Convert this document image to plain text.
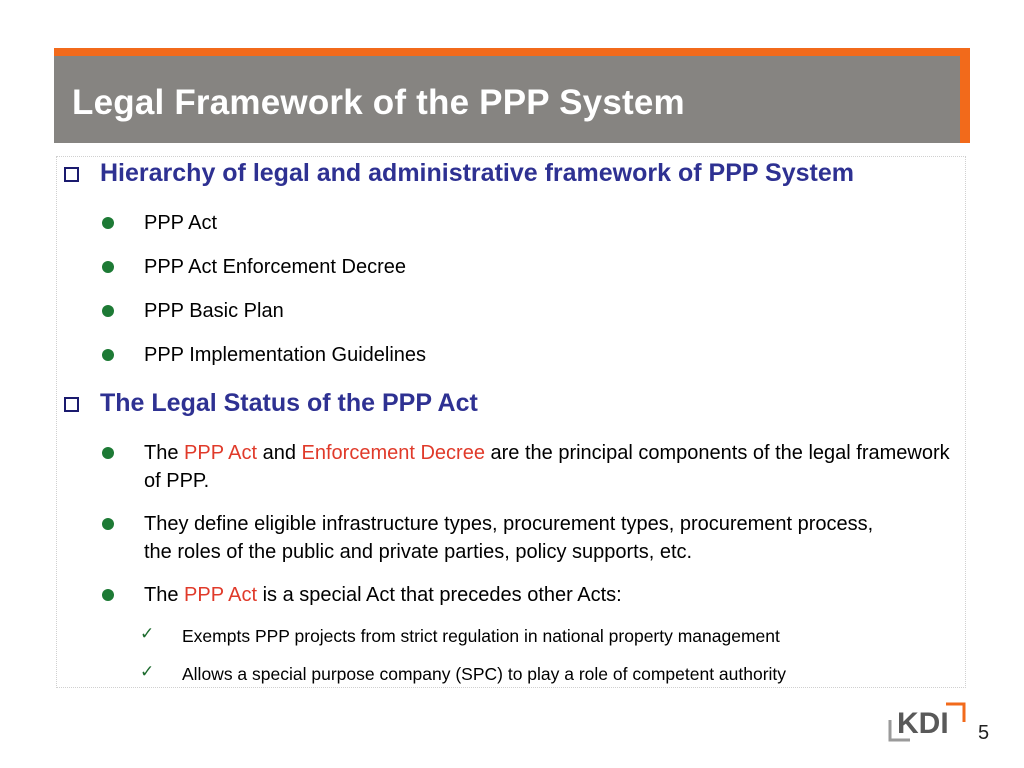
Legal Framework of the PPP System
Hierarchy of legal and administrative framework of PPP System
PPP Act
PPP Act Enforcement Decree
PPP Basic Plan
PPP Implementation Guidelines
The Legal Status of the PPP Act
The PPP Act and Enforcement Decree are the principal components of the legal framework of PPP.
They define eligible infrastructure types, procurement types, procurement process, the roles of the public and private parties, policy supports, etc.
The PPP Act is a special Act that precedes other Acts:
✓ Exempts PPP projects from strict regulation in national property management
✓ Allows a special purpose company (SPC) to play a role of competent authority
KDI 5
